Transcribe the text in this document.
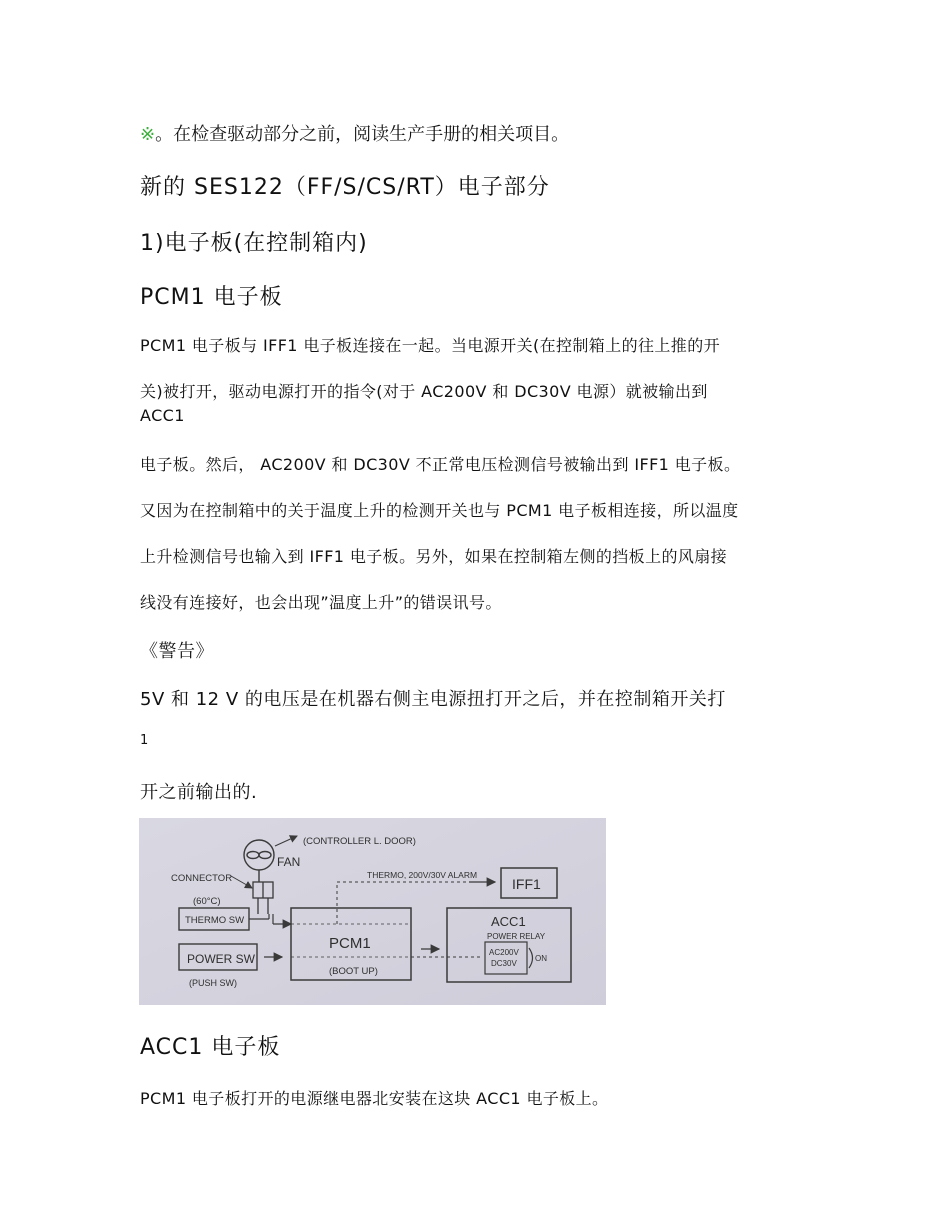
※。在检查驱动部分之前，阅读生产手册的相关项目。
新的 SES122（FF/S/CS/RT）电子部分
1)电子板(在控制箱内)
PCM1 电子板
PCM1 电子板与 IFF1 电子板连接在一起。当电源开关(在控制箱上的往上推的开
关)被打开，驱动电源打开的指令(对于 AC200V 和 DC30V 电源）就被输出到
ACC1
电子板。然后， AC200V 和 DC30V 不正常电压检测信号被输出到 IFF1 电子板。
又因为在控制箱中的关于温度上升的检测开关也与 PCM1 电子板相连接，所以温度
上升检测信号也输入到 IFF1 电子板。另外，如果在控制箱左侧的挡板上的风扇接
线没有连接好，也会出现”温度上升”的错误讯号。
《警告》
5V 和 12 V 的电压是在机器右侧主电源扭打开之后，并在控制箱开关打
1
开之前输出的.
(CONTROLLER L. DOOR)
FAN
CONNECTOR
(60°C)
THERMO SW
POWER SW
(PUSH SW)
PCM1
(BOOT UP)
THERMO, 200V/30V ALARM
IFF1
ACC1
POWER RELAY
AC200V
DC30V
ON
ACC1 电子板
PCM1 电子板打开的电源继电器北安装在这块 ACC1 电子板上。
